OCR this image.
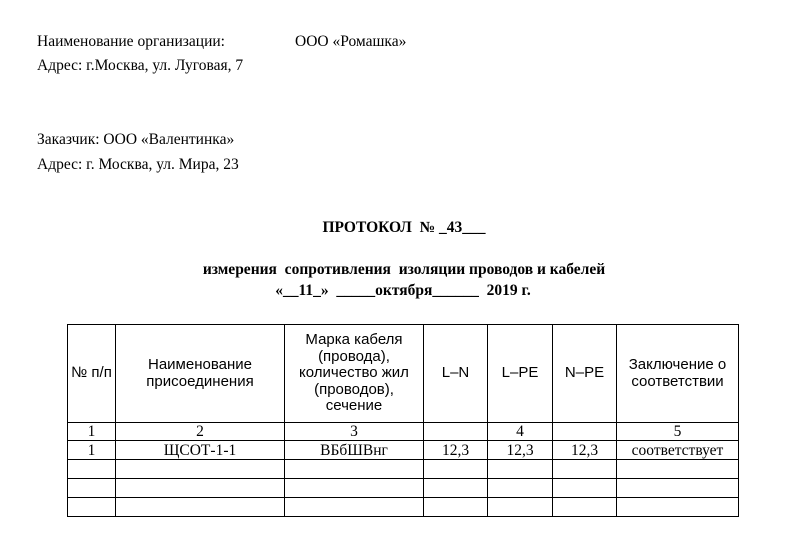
Наименование организации:	ООО «Ромашка»
Адрес: г.Москва, ул. Луговая, 7
Заказчик: ООО «Валентинка»
Адрес: г. Москва, ул. Мира, 23
ПРОТОКОЛ  № _43___
измерения  сопротивления  изоляции проводов и кабелей
«__11_»  _____октября______  2019 г.
№ п/п	Наименование присоединения	Марка кабеля (провода), количество жил (проводов), сечение	L–N	L–PE	N–PE	Заключение о соответствии
1	2	3		4		5
1	ЩСОТ-1-1	ВБбШВнг	12,3	12,3	12,3	соответствует
